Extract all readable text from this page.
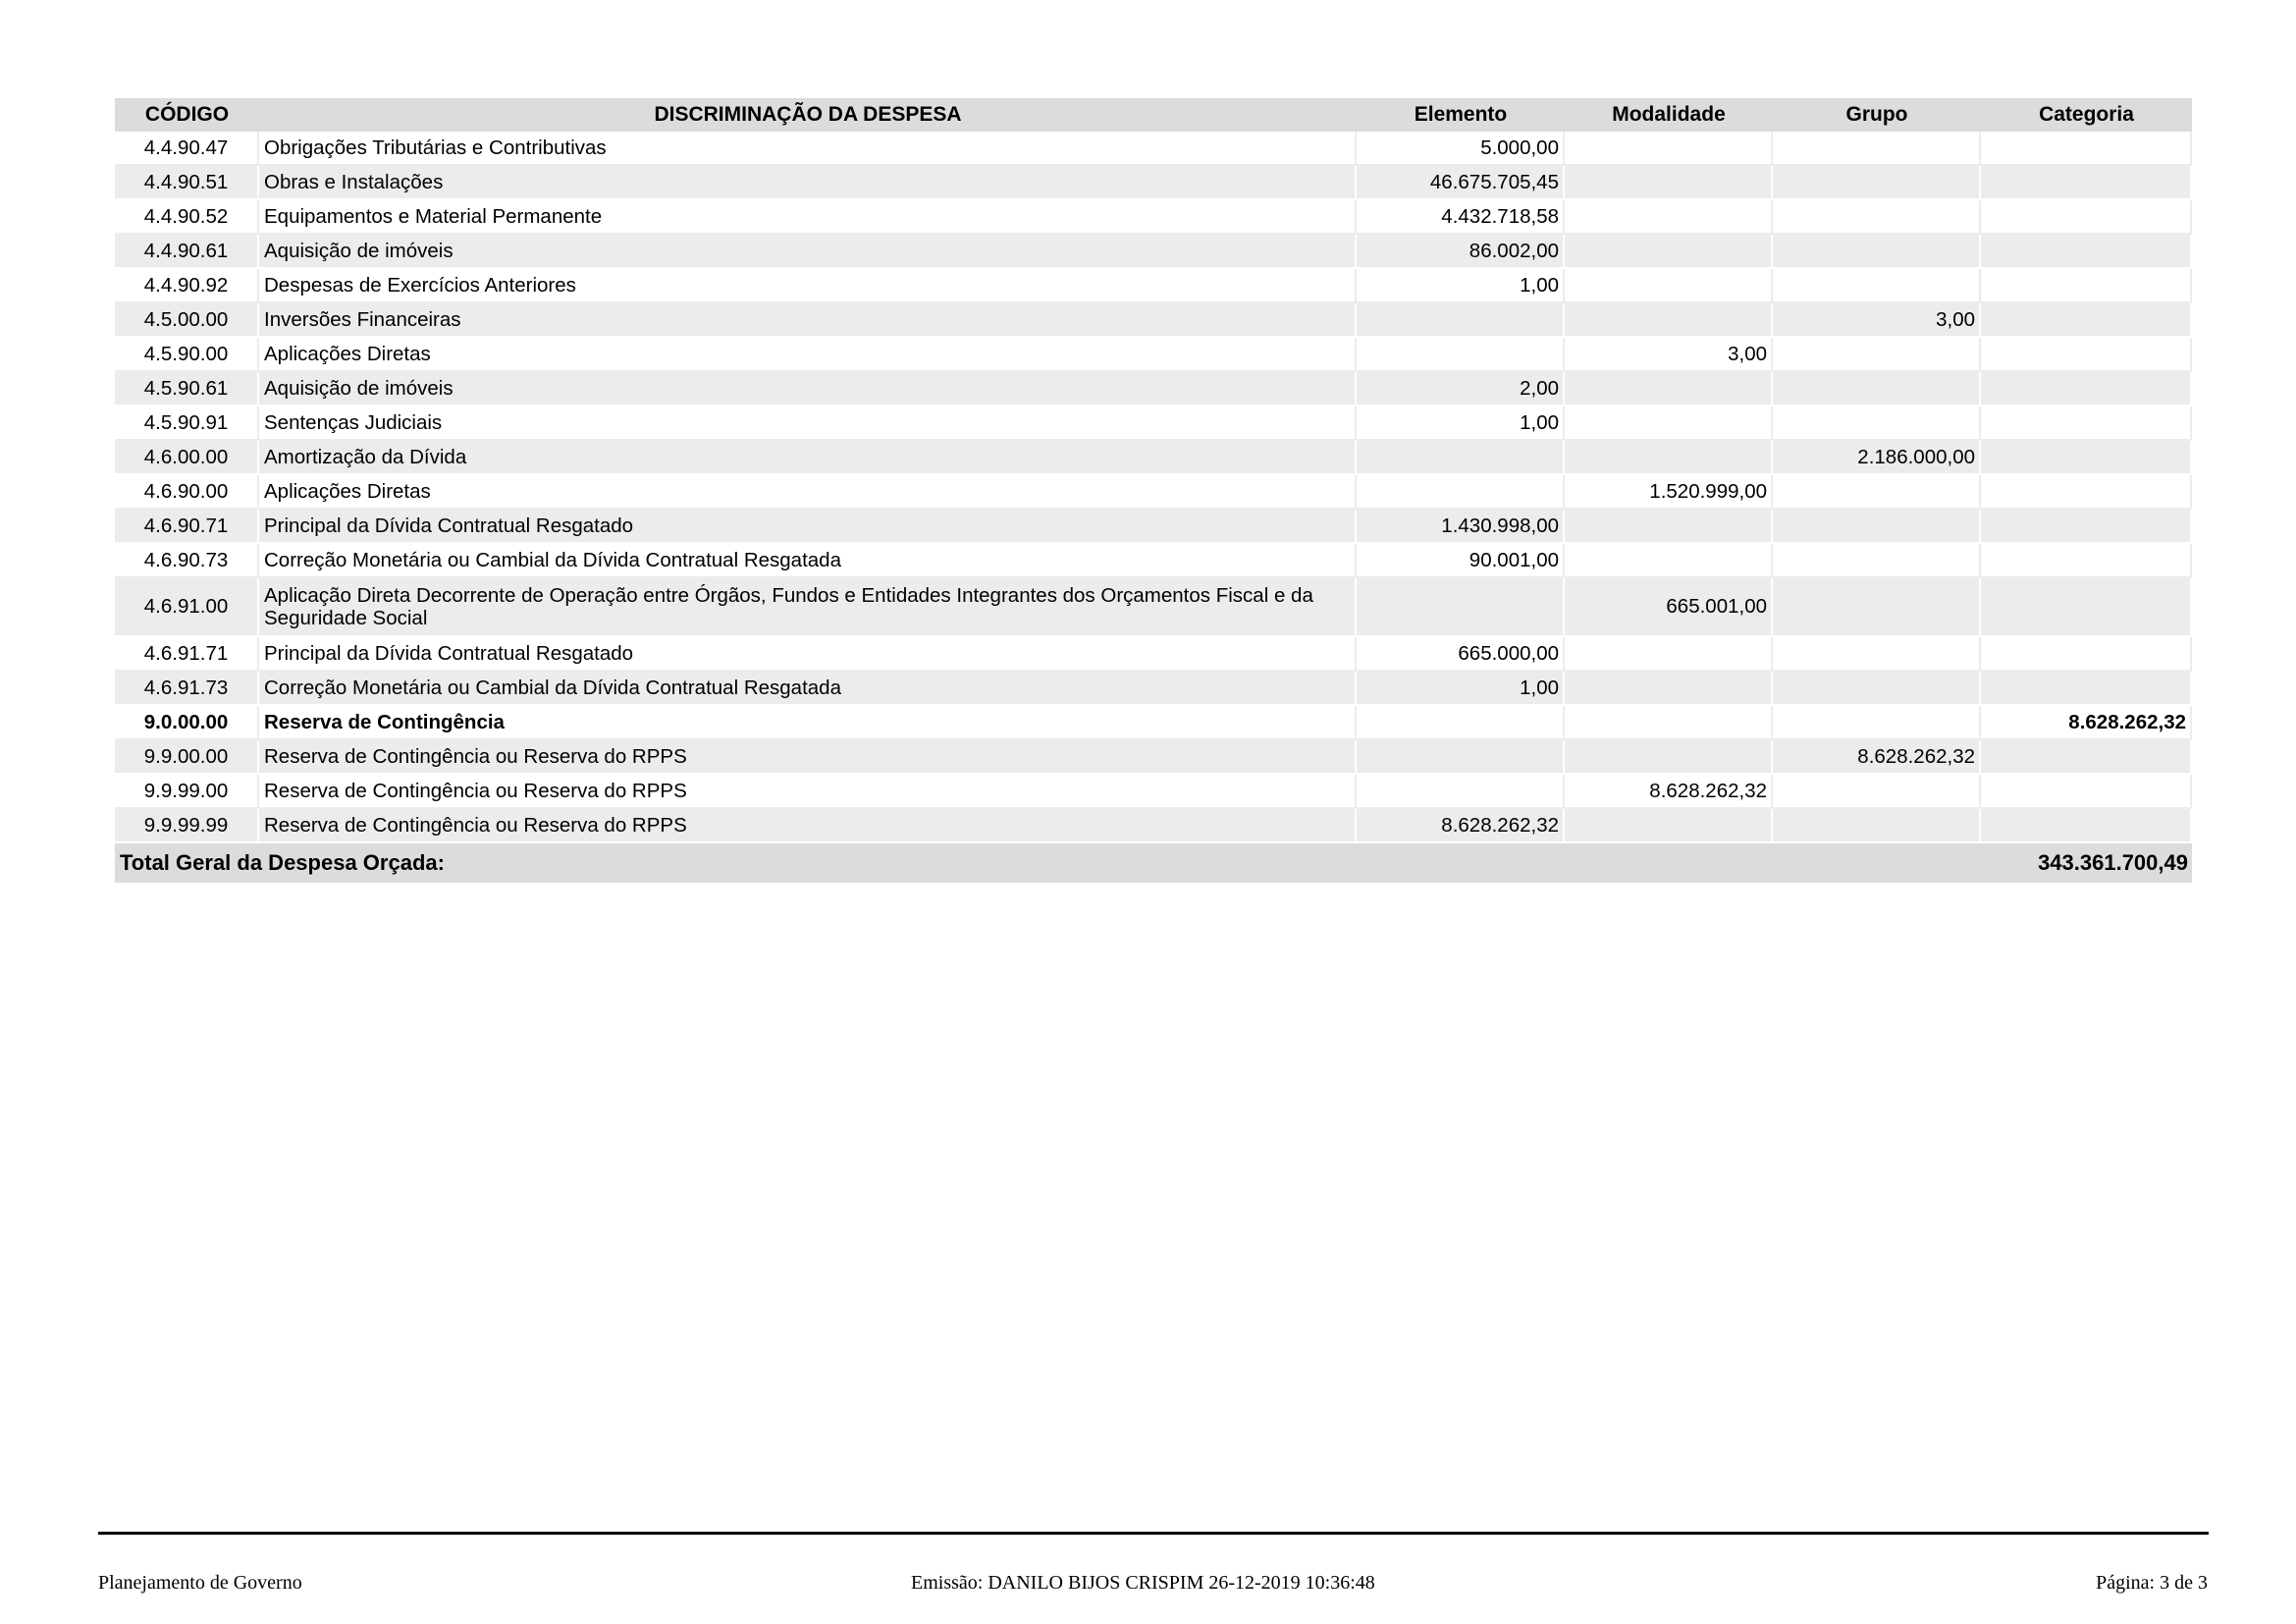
CÓDIGO	DISCRIMINAÇÃO DA DESPESA	Elemento	Modalidade	Grupo	Categoria
4.4.90.47	Obrigações Tributárias e Contributivas	5.000,00			
4.4.90.51	Obras e Instalações	46.675.705,45			
4.4.90.52	Equipamentos e Material Permanente	4.432.718,58			
4.4.90.61	Aquisição de imóveis	86.002,00			
4.4.90.92	Despesas de Exercícios Anteriores	1,00			
4.5.00.00	Inversões Financeiras			3,00	
4.5.90.00	Aplicações Diretas		3,00		
4.5.90.61	Aquisição de imóveis	2,00			
4.5.90.91	Sentenças Judiciais	1,00			
4.6.00.00	Amortização da Dívida			2.186.000,00	
4.6.90.00	Aplicações Diretas		1.520.999,00		
4.6.90.71	Principal da Dívida Contratual Resgatado	1.430.998,00			
4.6.90.73	Correção Monetária ou Cambial da Dívida Contratual Resgatada	90.001,00			
4.6.91.00	Aplicação Direta Decorrente de Operação entre Órgãos, Fundos e Entidades Integrantes dos Orçamentos Fiscal e da Seguridade Social		665.001,00		
4.6.91.71	Principal da Dívida Contratual Resgatado	665.000,00			
4.6.91.73	Correção Monetária ou Cambial da Dívida Contratual Resgatada	1,00			
9.0.00.00	Reserva de Contingência				8.628.262,32
9.9.00.00	Reserva de Contingência ou Reserva do RPPS			8.628.262,32	
9.9.99.00	Reserva de Contingência ou Reserva do RPPS		8.628.262,32		
9.9.99.99	Reserva de Contingência ou Reserva do RPPS	8.628.262,32			
Total Geral da Despesa Orçada:		343.361.700,49			
Planejamento de Governo	Emissão: DANILO BIJOS CRISPIM 26-12-2019 10:36:48	Página: 3 de 3
